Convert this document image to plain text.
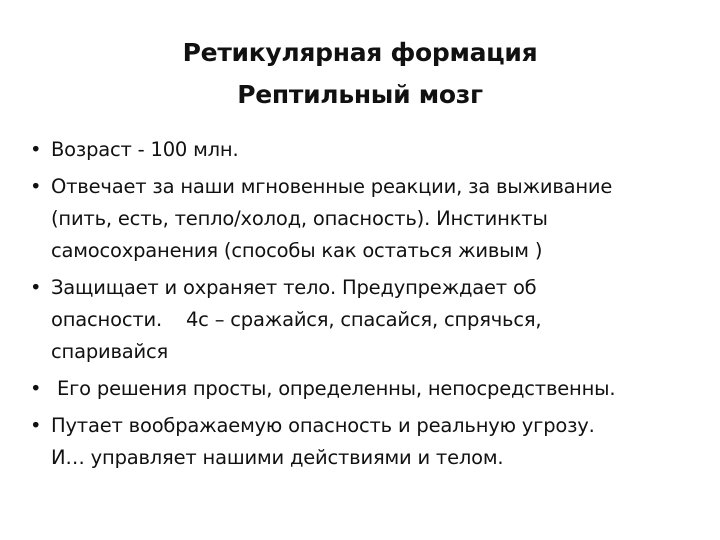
Ретикулярная формация
Рептильный мозг
• Возраст - 100 млн.
• Отвечает за наши мгновенные реакции, за выживание
(пить, есть, тепло/холод, опасность). Инстинкты
самосохранения (способы как остаться живым )
• Защищает и охраняет тело. Предупреждает об
опасности.    4с – сражайся, спасайся, спрячься,
спаривайся
• Его решения просты, определенны, непосредственны.
• Путает воображаемую опасность и реальную угрозу.
И… управляет нашими действиями и телом.
